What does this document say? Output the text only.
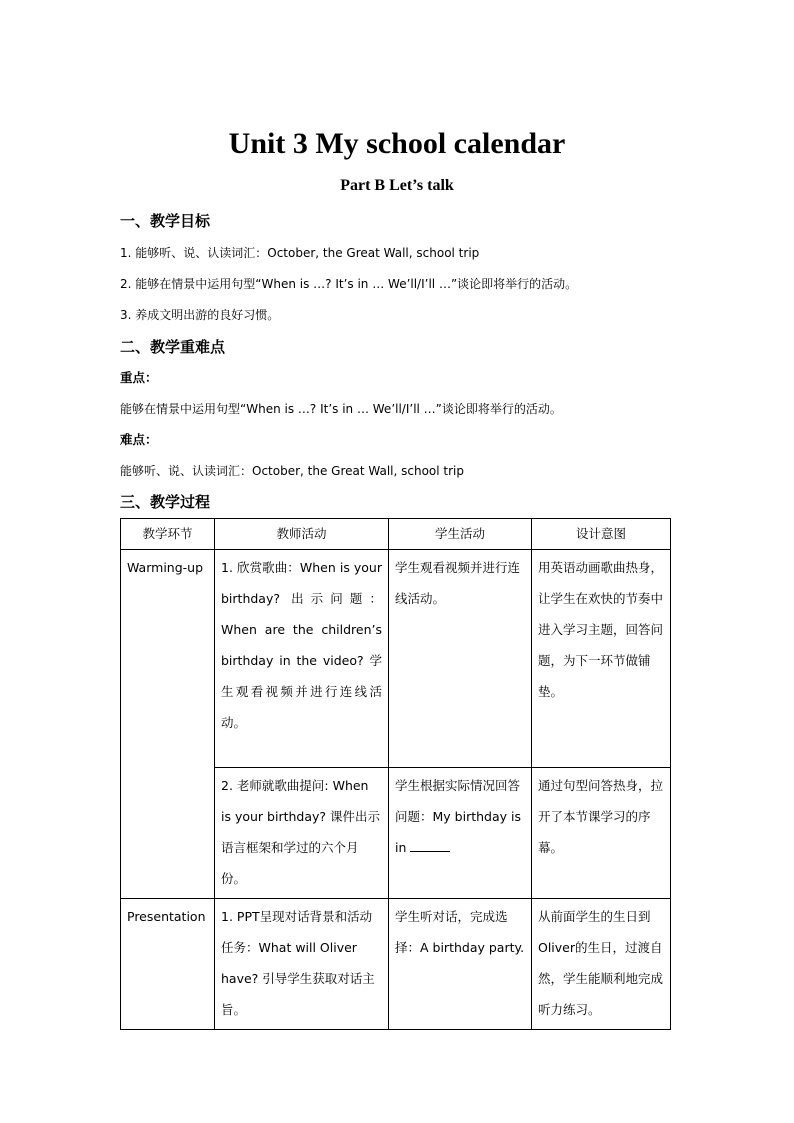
Unit 3 My school calendar
Part B Let’s talk
一、教学目标
1. 能够听、说、认读词汇：October, the Great Wall, school trip
2. 能够在情景中运用句型“When is …? It’s in … We’ll/I’ll …”谈论即将举行的活动。
3. 养成文明出游的良好习惯。
二、教学重难点
重点：
能够在情景中运用句型“When is …? It’s in … We’ll/I’ll …”谈论即将举行的活动。
难点：
能够听、说、认读词汇：October, the Great Wall, school trip
三、教学过程
教学环节	教师活动	学生活动	设计意图
Warming-up	1. 欣赏歌曲：When is your birthday? 出示问题：When are the children’s birthday in the video? 学生观看视频并进行连线活动。	学生观看视频并进行连线活动。	用英语动画歌曲热身，让学生在欢快的节奏中进入学习主题，回答问题，为下一环节做铺垫。
	2. 老师就歌曲提问: When is your birthday? 课件出示语言框架和学过的六个月份。	学生根据实际情况回答问题：My birthday is in	通过句型问答热身，拉开了本节课学习的序幕。
Presentation	1. PPT呈现对话背景和活动任务：What will Oliver have? 引导学生获取对话主旨。	学生听对话，完成选择：A birthday party.	从前面学生的生日到Oliver的生日，过渡自然，学生能顺利地完成听力练习。
